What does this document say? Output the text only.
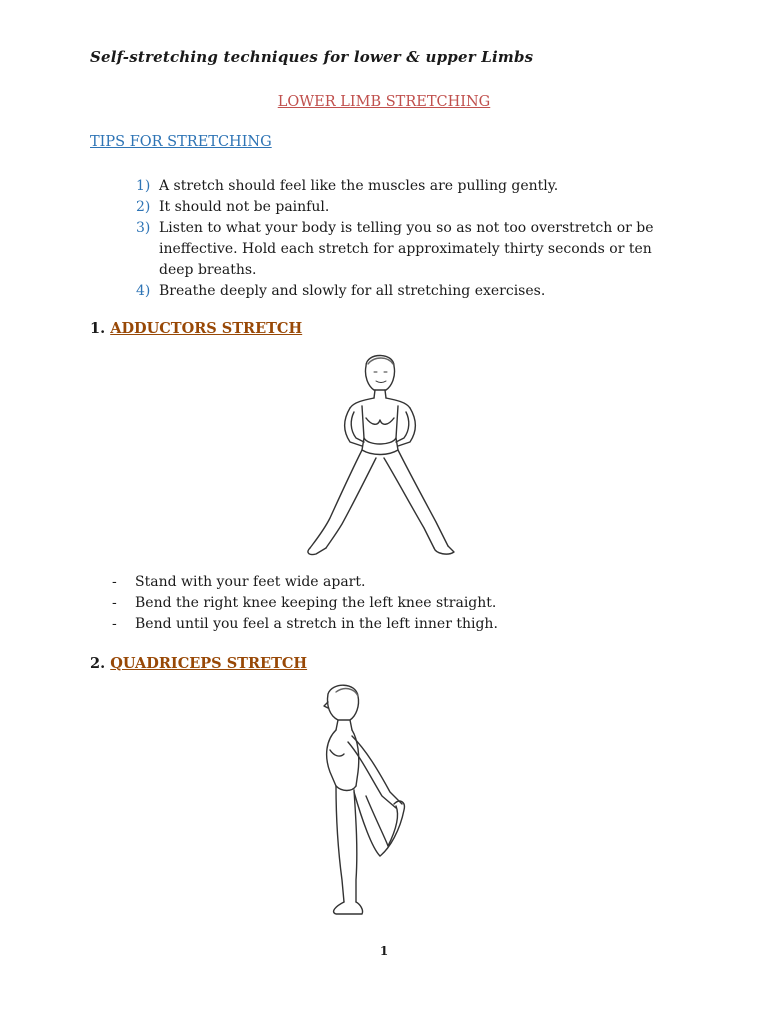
Self-stretching techniques for lower & upper Limbs
LOWER LIMB STRETCHING
TIPS FOR STRETCHING
1) A stretch should feel like the muscles are pulling gently.
2) It should not be painful.
3) Listen to what your body is telling you so as not too overstretch or be ineffective. Hold each stretch for approximately thirty seconds or ten deep breaths.
4) Breathe deeply and slowly for all stretching exercises.
1. ADDUCTORS STRETCH
- Stand with your feet wide apart.
- Bend the right knee keeping the left knee straight.
- Bend until you feel a stretch in the left inner thigh.
2. QUADRICEPS STRETCH
1
